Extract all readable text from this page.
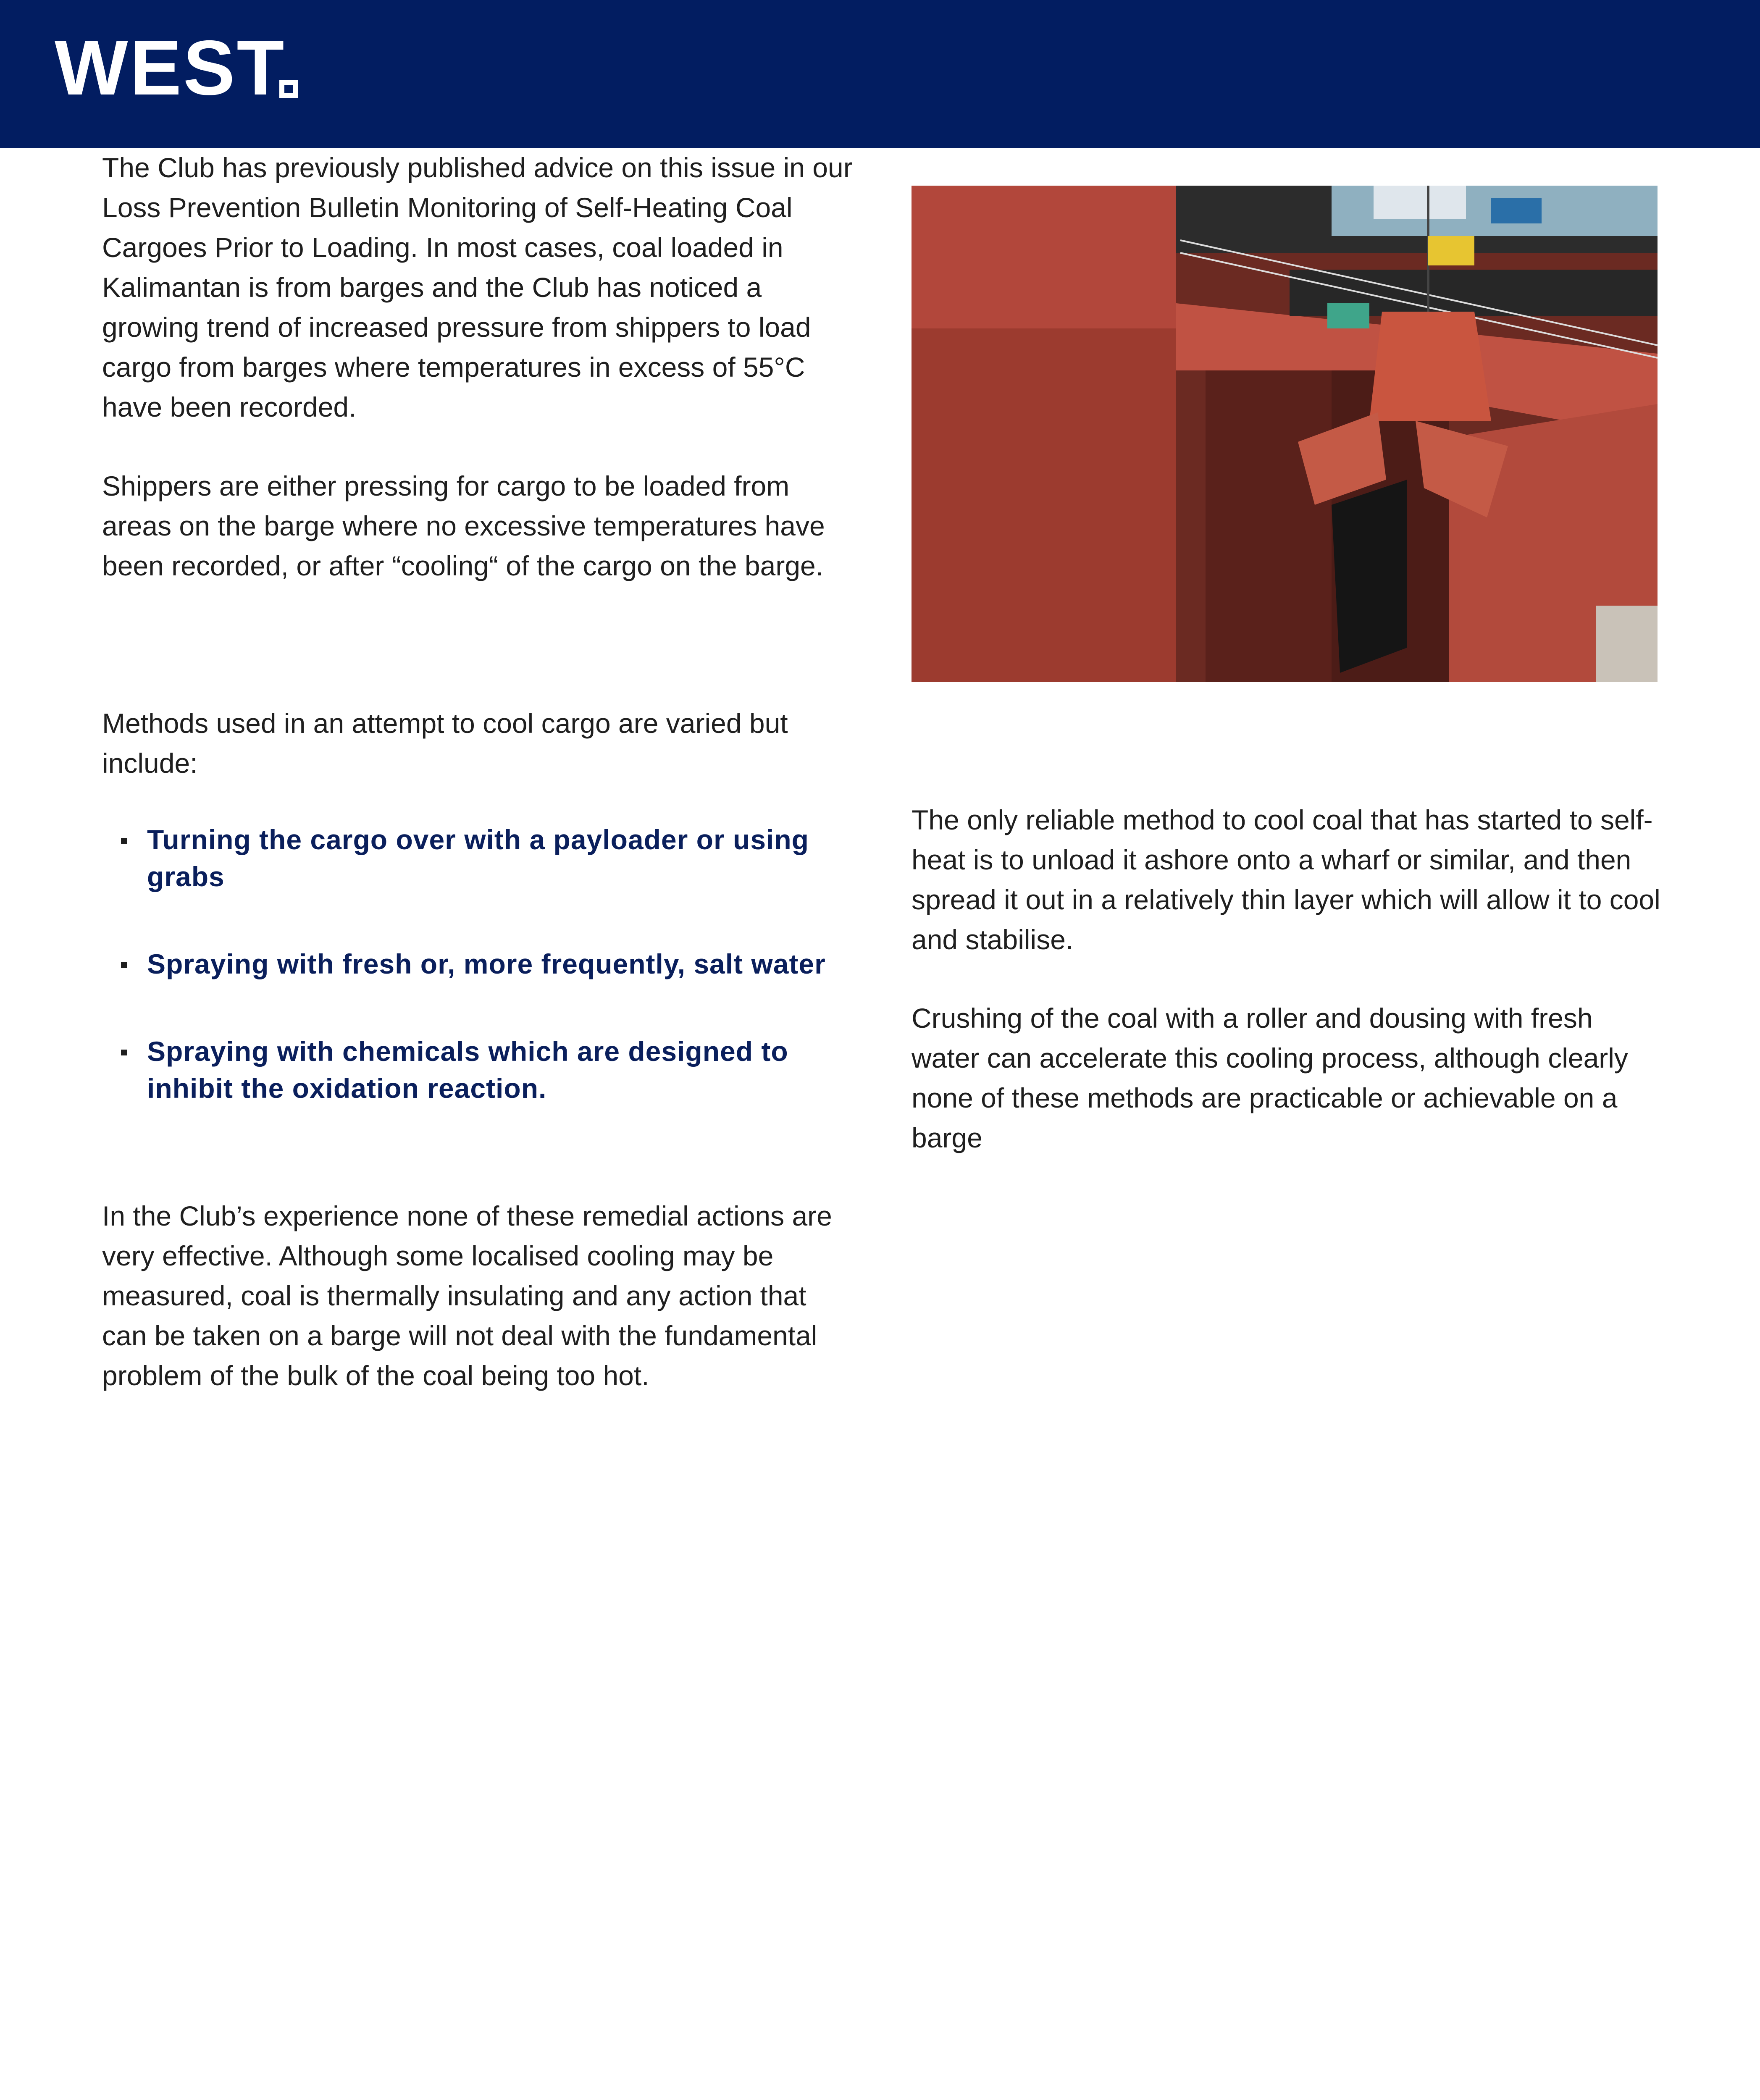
WEST

The Club has previously published advice on this issue in our Loss Prevention Bulletin Monitoring of Self-Heating Coal Cargoes Prior to Loading. In most cases, coal loaded in Kalimantan is from barges and the Club has noticed a growing trend of increased pressure from shippers to load cargo from barges where temperatures in excess of 55°C have been recorded.

Shippers are either pressing for cargo to be loaded from areas on the barge where no excessive temperatures have been recorded, or after “cooling“ of the cargo on the barge.

Methods used in an attempt to cool cargo are varied but include:

Turning the cargo over with a payloader or using grabs
Spraying with fresh or, more frequently, salt water
Spraying with chemicals which are designed to inhibit the oxidation reaction.

In the Club’s experience none of these remedial actions are very effective. Although some localised cooling may be measured, coal is thermally insulating and any action that can be taken on a barge will not deal with the fundamental problem of the bulk of the coal being too hot.

The only reliable method to cool coal that has started to self-heat is to unload it ashore onto a wharf or similar, and then spread it out in a relatively thin layer which will allow it to cool and stabilise.

Crushing of the coal with a roller and dousing with fresh water can accelerate this cooling process, although clearly none of these methods are practicable or achievable on a barge
